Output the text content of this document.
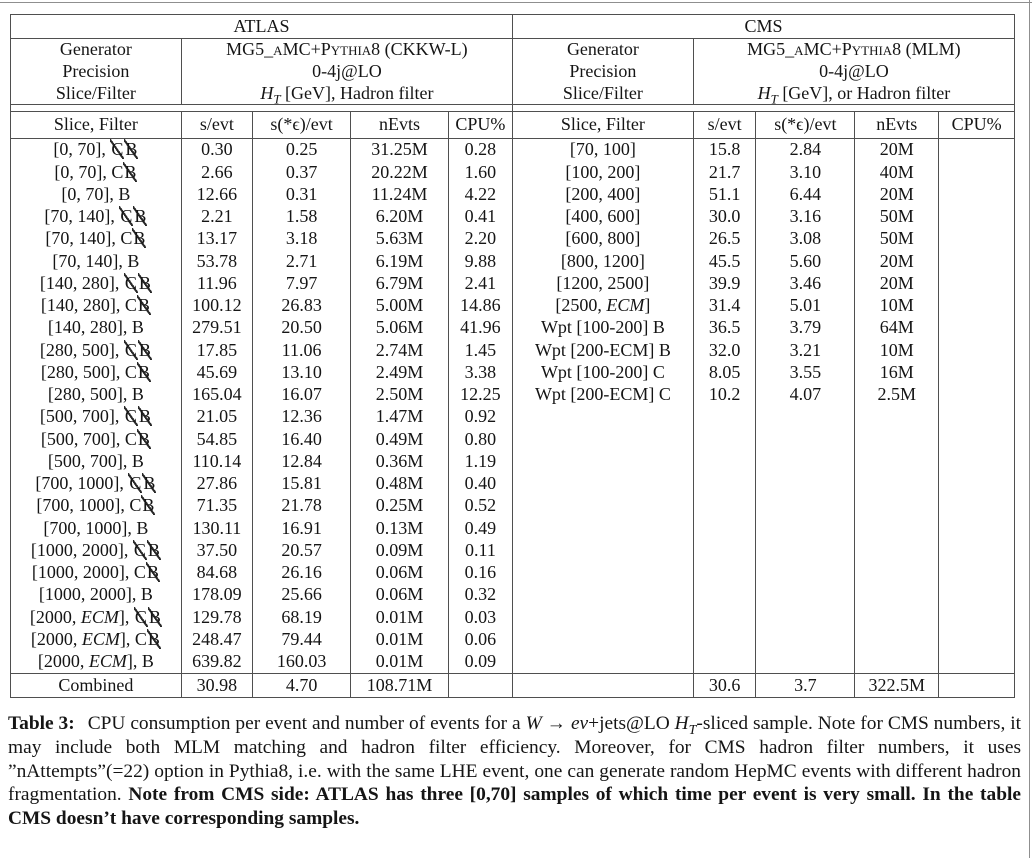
ATLAS				
Generator	MG5_aMC+Pythia8 (CKKW-L)			
Precision	0-4j@LO			
Slice/Filter	$H_T$ [GeV], Hadron filter			

Slice, Filter	s/evt	s(*ϵ)/evt	nEvts	CPU%
[0, 70], C B	0.30	0.25	31.25M	0.28
[0, 70], CB	2.66	0.37	20.22M	1.60
[0, 70], B	12.66	0.31	11.24M	4.22
[70, 140], C B	2.21	1.58	6.20M	0.41
[70, 140], CB	13.17	3.18	5.63M	2.20
[70, 140], B	53.78	2.71	6.19M	9.88
[140, 280], C B	11.96	7.97	6.79M	2.41
[140, 280], CB	100.12	26.83	5.00M	14.86
[140, 280], B	279.51	20.50	5.06M	41.96
[280, 500], C B	17.85	11.06	2.74M	1.45
[280, 500], CB	45.69	13.10	2.49M	3.38
[280, 500], B	165.04	16.07	2.50M	12.25
[500, 700], C B	21.05	12.36	1.47M	0.92
[500, 700], CB	54.85	16.40	0.49M	0.80
[500, 700], B	110.14	12.84	0.36M	1.19
[700, 1000], C B	27.86	15.81	0.48M	0.40
[700, 1000], CB	71.35	21.78	0.25M	0.52
[700, 1000], B	130.11	16.91	0.13M	0.49
[1000, 2000], C B	37.50	20.57	0.09M	0.11
[1000, 2000], CB	84.68	26.16	0.06M	0.16
[1000, 2000], B	178.09	25.66	0.06M	0.32
[2000, ECM], C B	129.78	68.19	0.01M	0.03
[2000, ECM], CB	248.47	79.44	0.01M	0.06
[2000, ECM], B	639.82	160.03	0.01M	0.09
Combined	30.98	4.70	108.71M	
CMS				
Generator	MG5_aMC+Pythia8 (MLM)			
Precision	0-4j@LO			
Slice/Filter	$H_T$ [GeV], or Hadron filter			

Slice, Filter	s/evt	s(*ϵ)/evt	nEvts	CPU%
[70, 100]	15.8	2.84	20M	
[100, 200]	21.7	3.10	40M	
[200, 400]	51.1	6.44	20M	
[400, 600]	30.0	3.16	50M	
[600, 800]	26.5	3.08	50M	
[800, 1200]	45.5	5.60	20M	
[1200, 2500]	39.9	3.46	20M	
[2500, ECM]	31.4	5.01	10M	
Wpt [100-200] B	36.5	3.79	64M	
Wpt [200-ECM] B	32.0	3.21	10M	
Wpt [100-200] C	8.05	3.55	16M	
Wpt [200-ECM] C	10.2	4.07	2.5M	

	30.6	3.7	322.5M	
Table 3: CPU consumption per event and number of events for a W → eν+jets@LO $H_T$-sliced sample. Note for CMS numbers, it may include both MLM matching and hadron filter efficiency. Moreover, for CMS hadron filter numbers, it uses ”nAttempts”(=22) option in Pythia8, i.e. with the same LHE event, one can generate random HepMC events with different hadron fragmentation. Note from CMS side: ATLAS has three [0,70] samples of which time per event is very small. In the table CMS doesn’t have corresponding samples.
